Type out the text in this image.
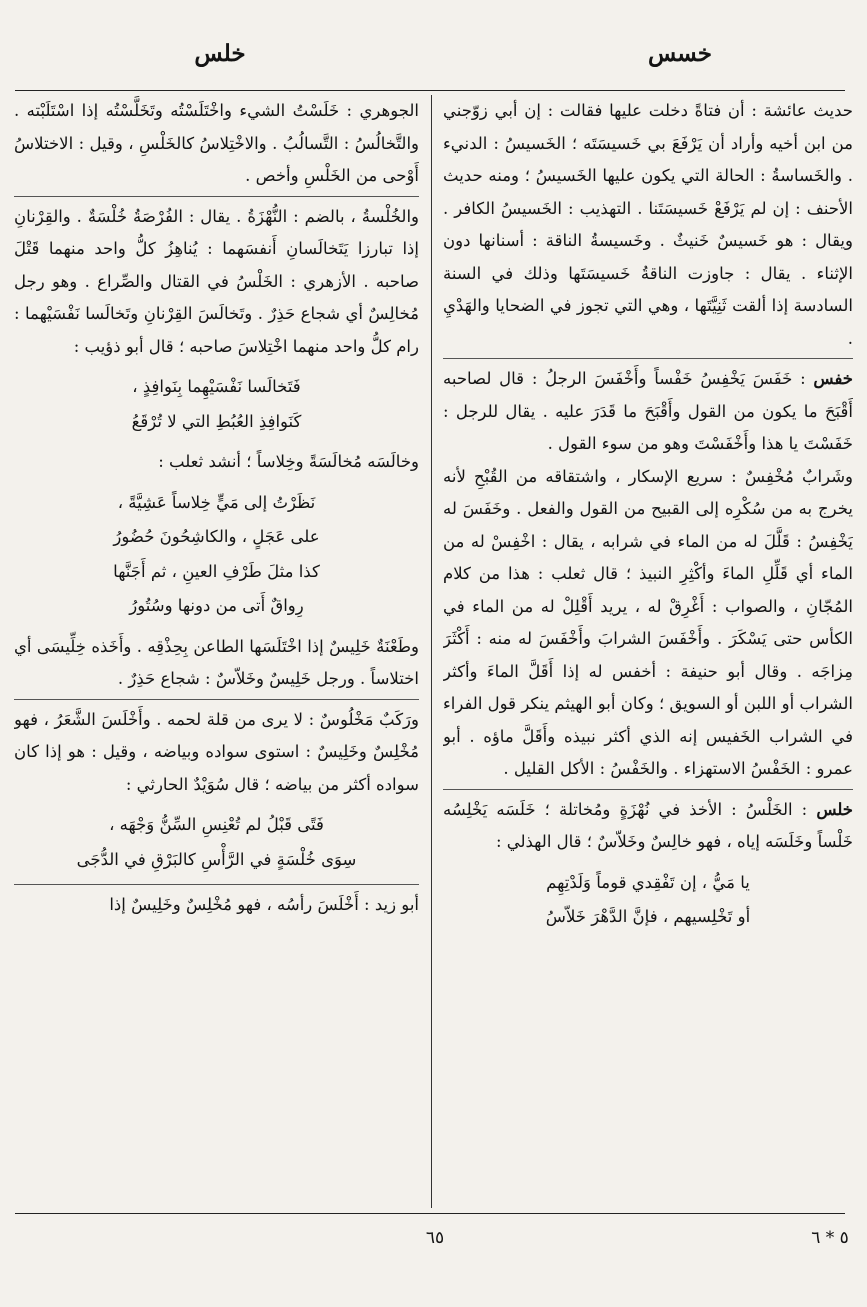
خسس
خلس

حديث عائشة : أن فتاةً دخلت عليها فقالت : إن أبي زوّجني من ابن أخيه وأراد أن يَرْفَعَ بي خَسيسَتَه ؛ الخَسيسُ : الدنيء . والخَساسةُ : الحالة التي يكون عليها الخَسيسُ ؛ ومنه حديث الأحنف : إن لم يَرْفَعْ خَسيسَتَنا . التهذيب : الخَسيسُ الكافر . ويقال : هو خَسيسٌ خَنيثٌ . وخَسيسةُ الناقة : أسنانها دون الإثناء . يقال : جاوزت الناقةُ خَسيسَتَها وذلك في السنة السادسة إذا ألقت ثَنِيَّتَها ، وهي التي تجوز في الضحايا والهَدْيِ .

خفس : خَفَسَ يَخْفِسُ خَفْساً وأَخْفَسَ الرجلُ : قال لصاحبه أَقْبَحَ ما يكون من القول وأَقْبَحَ ما قَدَرَ عليه . يقال للرجل : خَفَسْتَ يا هذا وأَخْفَسْتَ وهو من سوء القول .

وشَرابٌ مُخْفِسٌ : سريع الإسكار ، واشتقاقه من القُبْحِ لأنه يخرج به من سُكْرِه إلى القبيح من القول والفعل . وخَفَسَ له يَخْفِسُ : قَلَّلَ له من الماء في شرابه ، يقال : اخْفِسْ له من الماء أي قَلِّلِ الماءَ وأكْثِرِ النبيذ ؛ قال ثعلب : هذا من كلام المُجّانِ ، والصواب : أَغْرِقْ له ، يريد أَقْلِلْ له من الماء في الكأس حتى يَسْكَرَ . وأَخْفَسَ الشرابَ وأَخْفَسَ له منه : أَكْثَرَ مِزاجَه . وقال أبو حنيفة : أخفس له إذا أَقَلَّ الماءَ وأكثر الشراب أو اللبن أو السويق ؛ وكان أبو الهيثم ينكر قول الفراء في الشراب الخَفيس إنه الذي أكثر نبيذه وأَقَلَّ ماؤه . أبو عمرو : الخَفْسُ الاستهزاء . والخَفْسُ : الأكل القليل .

خلس : الخَلْسُ : الأخذ في نُهْزَةٍ ومُخاتلة ؛ خَلَسَه يَخْلِسُه خَلْساً وخَلَسَه إياه ، فهو خالِسٌ وخَلاّسٌ ؛ قال الهذلي :

يا مَيُّ ، إن تَفْقِدي قوماً وَلَدْتِهِم
أو تَخْلِسيهم ، فإنَّ الدَّهْرَ خَلاّسُ

الجوهري : خَلَسْتُ الشيء واخْتَلَسْتُه وتَخَلَّسْتُه إذا اسْتَلَبْته . والتَّخالُسُ : التَّسالُبُ . والاخْتِلاسُ كالخَلْسِ ، وقيل : الاختلاسُ أَوْحى من الخَلْسِ وأخص .

والخُلْسةُ ، بالضم : النُّهْزَةُ . يقال : الفُرْصَةُ خُلْسَةٌ . والقِرْنانِ إذا تبارزا يَتَخالَسانِ أَنفسَهما : يُناهِزُ كلُّ واحد منهما قَتْلَ صاحبه . الأزهري : الخَلْسُ في القتال والصِّراع . وهو رجل مُخالِسٌ أي شجاع حَذِرٌ . وتَخالَسَ القِرْنانِ وتَخالَسا نَفْسَيْهما : رام كلُّ واحد منهما اخْتِلاسَ صاحبه ؛ قال أبو ذؤيب :

فَتَخالَسا نَفْسَيْهِما بِنَوافِذٍ ،
كَنَوافِذِ العُبُطِ التي لا تُرْقَعُ

وخالَسَه مُخالَسَةً وخِلاساً ؛ أنشد ثعلب :

نَظَرْتُ إلى مَيٍّ خِلاساً عَشِيَّةً ،
على عَجَلٍ ، والكاشِحُونَ حُضُورُ
كذا مثلَ طَرْفِ العينِ ، ثم أَجَنَّها
رِواقٌ أَتى من دونها وسُتُورُ

وطَعْنَةٌ خَلِيسٌ إذا اخْتَلَسَها الطاعن بِحِذْقِه . وأَخَذه خِلِّيسَى أي اختلاساً . ورجل خَلِيسٌ وخَلاّسٌ : شجاع حَذِرٌ .

ورَكَبٌ مَخْلُوسٌ : لا يرى من قلة لحمه . وأَخْلَسَ الشَّعَرُ ، فهو مُخْلِسٌ وخَلِيسٌ : استوى سواده وبياضه ، وقيل : هو إذا كان سواده أكثر من بياضه ؛ قال سُوَيْدٌ الحارثي :

فَتًى قَبْلُ لم تُعْنِسِ السِّنُّ وَجْهَه ،
سِوَى خُلْسَةٍ في الرَّأْسِ كالبَرْقِ في الدُّجَى

أبو زيد : أَخْلَسَ رأسُه ، فهو مُخْلِسٌ وخَلِيسٌ إذا

٦٥	٥ * ٦
